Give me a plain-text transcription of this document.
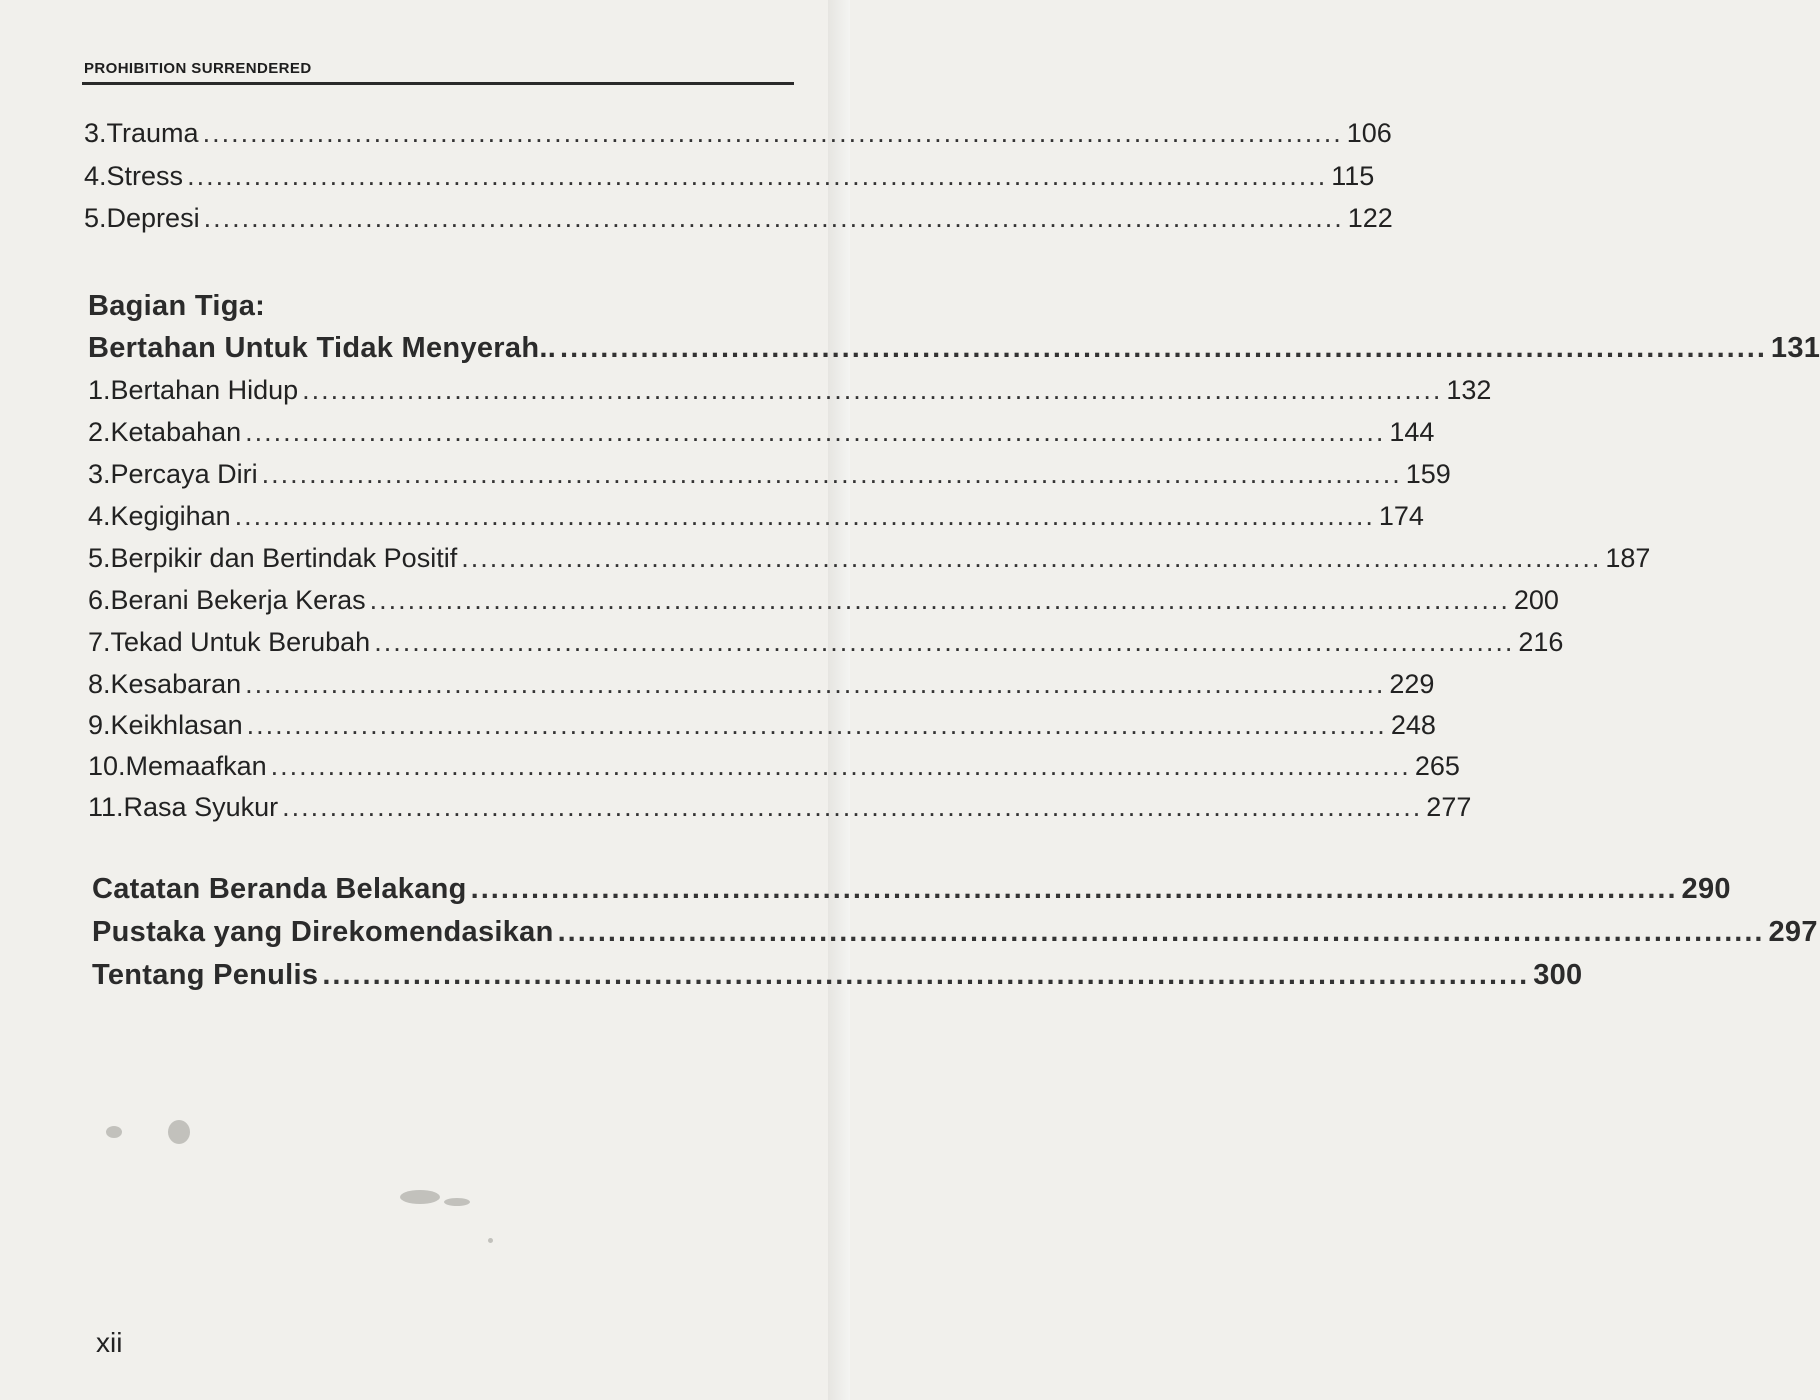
PROHIBITION SURRENDERED
3. Trauma ........................................................................................................................ 106
4. Stress ........................................................................................................................ 115
5. Depresi ........................................................................................................................ 122
Bagian Tiga:
Bertahan Untuk Tidak Menyerah.. ........................................................................................................................ 131
1. Bertahan Hidup ........................................................................................................................ 132
2. Ketabahan ........................................................................................................................ 144
3. Percaya Diri ........................................................................................................................ 159
4. Kegigihan ........................................................................................................................ 174
5. Berpikir dan Bertindak Positif ........................................................................................................................ 187
6. Berani Bekerja Keras ........................................................................................................................ 200
7. Tekad Untuk Berubah ........................................................................................................................ 216
8. Kesabaran ........................................................................................................................ 229
9. Keikhlasan ........................................................................................................................ 248
10. Memaafkan ........................................................................................................................ 265
11. Rasa Syukur ........................................................................................................................ 277
Catatan Beranda Belakang ........................................................................................................................ 290
Pustaka yang Direkomendasikan ........................................................................................................................ 297
Tentang Penulis ........................................................................................................................ 300
xii
